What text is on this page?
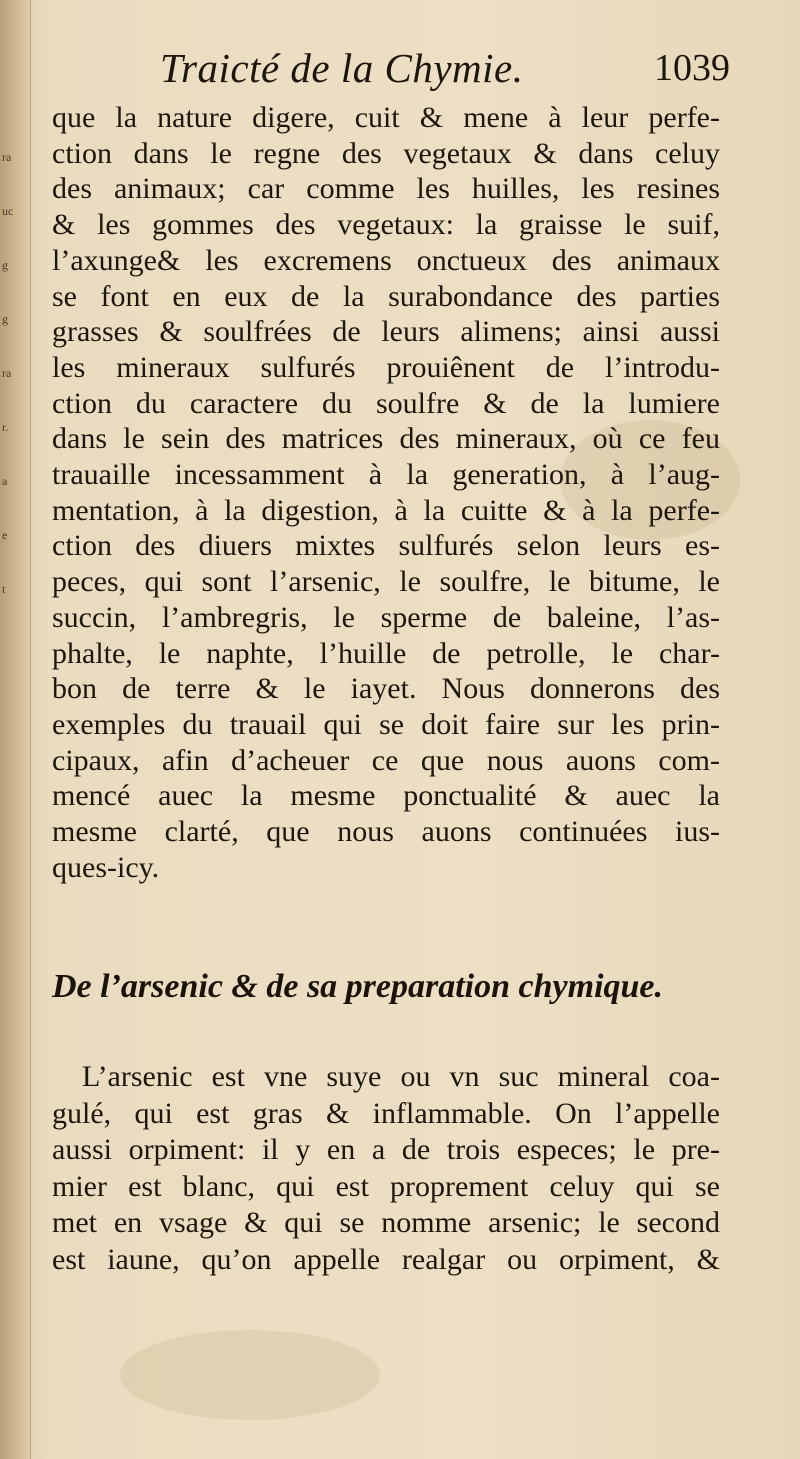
ra
uc
g
g
ra
r.
a
e
t
Traicté de la Chymie.	1039
que la nature digere, cuit & mene à leur perfe-
ction dans le regne des vegetaux & dans celuy
des animaux; car comme les huilles, les resines
& les gommes des vegetaux: la graisse le suif,
l’axunge& les excremens onctueux des animaux
se font en eux de la surabondance des parties
grasses & soulfrées de leurs alimens; ainsi aussi
les mineraux sulfurés prouiênent de l’introdu-
ction du caractere du soulfre & de la lumiere
dans le sein des matrices des mineraux, où ce feu
trauaille incessamment à la generation, à l’aug-
mentation, à la digestion, à la cuitte & à la perfe-
ction des diuers mixtes sulfurés selon leurs es-
peces, qui sont l’arsenic, le soulfre, le bitume, le
succin, l’ambregris, le sperme de baleine, l’as-
phalte, le naphte, l’huille de petrolle, le char-
bon de terre & le iayet. Nous donnerons des
exemples du trauail qui se doit faire sur les prin-
cipaux, afin d’acheuer ce que nous auons com-
mencé auec la mesme ponctualité & auec la
mesme clarté, que nous auons continuées ius-
ques-icy.
De l’arsenic & de sa preparation chymique.
L’arsenic est vne suye ou vn suc mineral coa-
gulé, qui est gras & inflammable. On l’appelle
aussi orpiment: il y en a de trois especes; le pre-
mier est blanc, qui est proprement celuy qui se
met en vsage & qui se nomme arsenic; le second
est iaune, qu’on appelle realgar ou orpiment, &
